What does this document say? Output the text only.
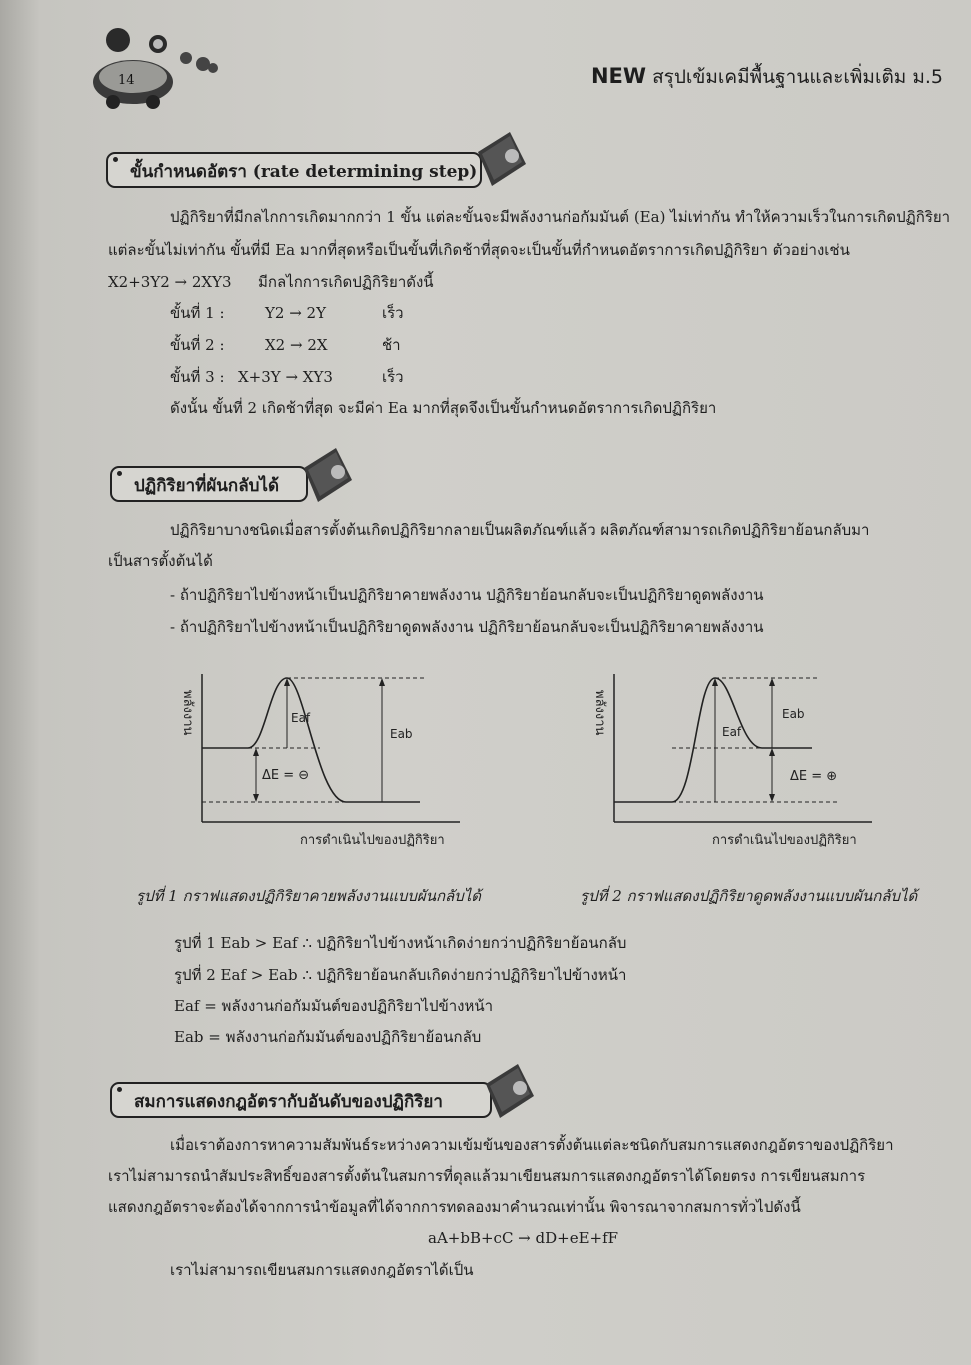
14	NEW สรุปเข้มเคมีพื้นฐานและเพิ่มเติม ม.5
ขั้นกำหนดอัตรา (rate determining step)
ปฏิกิริยาที่มีกลไกการเกิดมากกว่า 1 ขั้น แต่ละขั้นจะมีพลังงานก่อกัมมันต์ (Ea) ไม่เท่ากัน ทำให้ความเร็วในการเกิดปฏิกิริยา
แต่ละขั้นไม่เท่ากัน ขั้นที่มี Ea มากที่สุดหรือเป็นขั้นที่เกิดช้าที่สุดจะเป็นขั้นที่กำหนดอัตราการเกิดปฏิกิริยา ตัวอย่างเช่น
X2+3Y2 → 2XY3 มีกลไกการเกิดปฏิกิริยาดังนี้
ขั้นที่ 1 :	Y2 → 2Y	เร็ว
ขั้นที่ 2 :	X2 → 2X	ช้า
ขั้นที่ 3 : X+3Y → XY3	เร็ว
ดังนั้น ขั้นที่ 2 เกิดช้าที่สุด จะมีค่า Ea มากที่สุดจึงเป็นขั้นกำหนดอัตราการเกิดปฏิกิริยา
ปฏิกิริยาที่ผันกลับได้
ปฏิกิริยาบางชนิดเมื่อสารตั้งต้นเกิดปฏิกิริยากลายเป็นผลิตภัณฑ์แล้ว ผลิตภัณฑ์สามารถเกิดปฏิกิริยาย้อนกลับมา
เป็นสารตั้งต้นได้
- ถ้าปฏิกิริยาไปข้างหน้าเป็นปฏิกิริยาคายพลังงาน ปฏิกิริยาย้อนกลับจะเป็นปฏิกิริยาดูดพลังงาน
- ถ้าปฏิกิริยาไปข้างหน้าเป็นปฏิกิริยาดูดพลังงาน ปฏิกิริยาย้อนกลับจะเป็นปฏิกิริยาคายพลังงาน
พลังงาน	Eaf
Eab
ΔE = ⊖
การดำเนินไปของปฏิกิริยา
รูปที่ 1 กราฟแสดงปฏิกิริยาคายพลังงานแบบผันกลับได้
พลังงาน	Eaf
Eab
ΔE = ⊕
การดำเนินไปของปฏิกิริยา
รูปที่ 2 กราฟแสดงปฏิกิริยาดูดพลังงานแบบผันกลับได้
รูปที่ 1 Eab > Eaf ∴ ปฏิกิริยาไปข้างหน้าเกิดง่ายกว่าปฏิกิริยาย้อนกลับ
รูปที่ 2 Eaf > Eab ∴ ปฏิกิริยาย้อนกลับเกิดง่ายกว่าปฏิกิริยาไปข้างหน้า
Eaf = พลังงานก่อกัมมันต์ของปฏิกิริยาไปข้างหน้า
Eab = พลังงานก่อกัมมันต์ของปฏิกิริยาย้อนกลับ
สมการแสดงกฎอัตรากับอันดับของปฏิกิริยา
เมื่อเราต้องการหาความสัมพันธ์ระหว่างความเข้มข้นของสารตั้งต้นแต่ละชนิดกับสมการแสดงกฎอัตราของปฏิกิริยา
เราไม่สามารถนำสัมประสิทธิ์ของสารตั้งต้นในสมการที่ดุลแล้วมาเขียนสมการแสดงกฎอัตราได้โดยตรง การเขียนสมการ
แสดงกฎอัตราจะต้องได้จากการนำข้อมูลที่ได้จากการทดลองมาคำนวณเท่านั้น พิจารณาจากสมการทั่วไปดังนี้
aA+bB+cC → dD+eE+fF
เราไม่สามารถเขียนสมการแสดงกฎอัตราได้เป็น
